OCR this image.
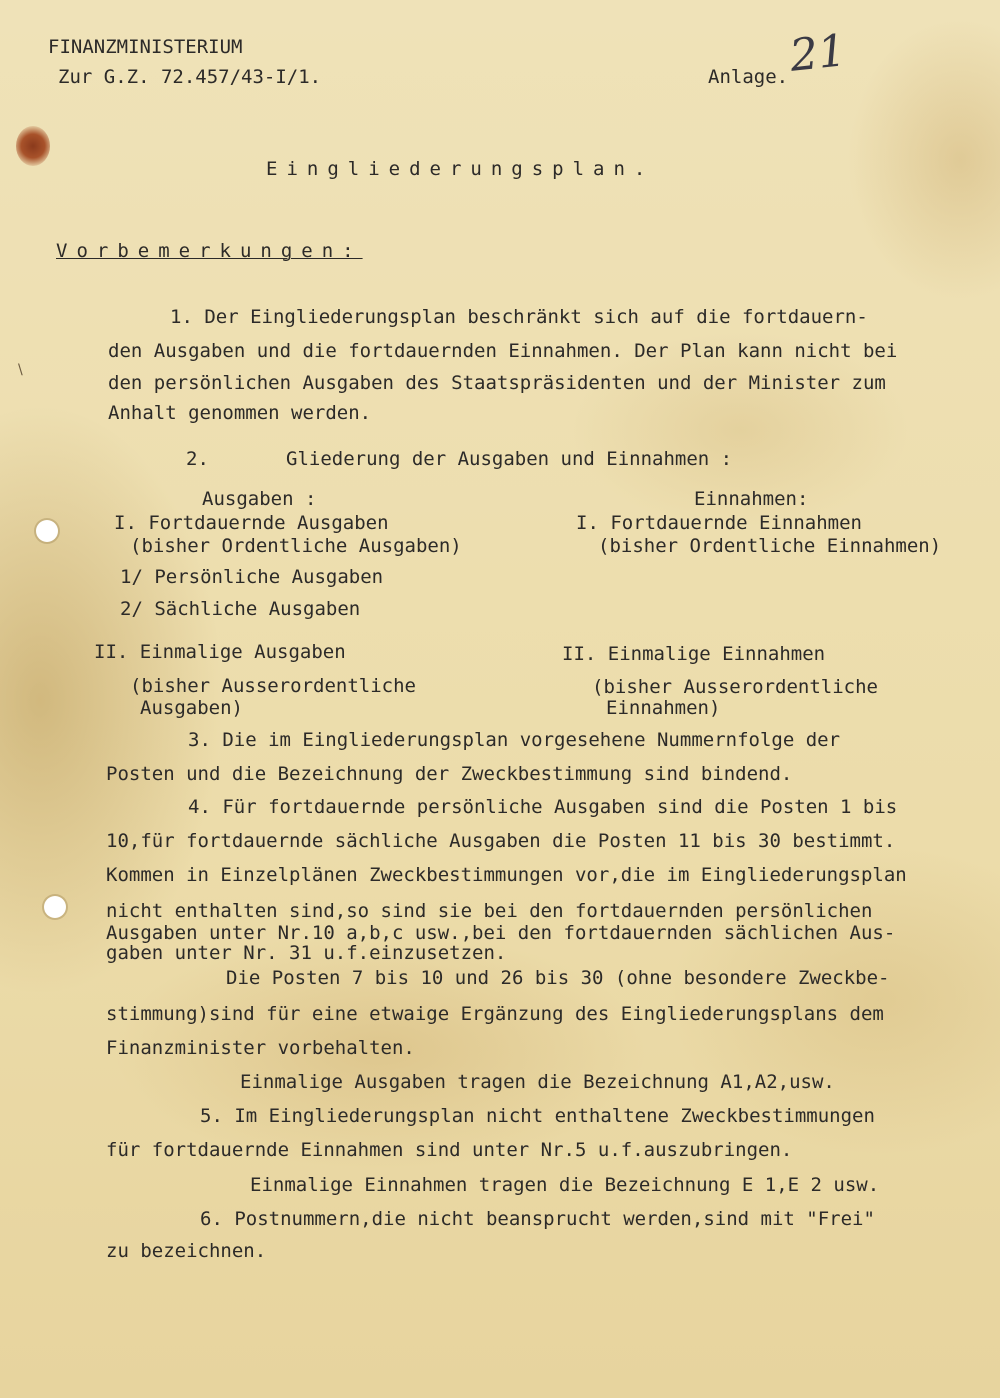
\

FINANZMINISTERIUM

Zur G.Z. 72.457/43-I/1.	Anlage. 21

Eingliederungsplan.

Vorbemerkungen:

1. Der Eingliederungsplan beschränkt sich auf die fortdauern-

den Ausgaben und die fortdauernden Einnahmen. Der Plan kann nicht bei

den persönlichen Ausgaben des Staatspräsidenten und der Minister zum

Anhalt genommen werden.

2.	Gliederung der Ausgaben und Einnahmen :

Ausgaben :

I. Fortdauernde Ausgaben

(bisher Ordentliche Ausgaben)

1/ Persönliche Ausgaben

2/ Sächliche Ausgaben

II. Einmalige Ausgaben

(bisher Ausserordentliche

Ausgaben)

Einnahmen:

I. Fortdauernde Einnahmen

(bisher Ordentliche Einnahmen)

II. Einmalige Einnahmen

(bisher Ausserordentliche

Einnahmen)

3. Die im Eingliederungsplan vorgesehene Nummernfolge der

Posten und die Bezeichnung der Zweckbestimmung sind bindend.

4. Für fortdauernde persönliche Ausgaben sind die Posten 1 bis

10,für fortdauernde sächliche Ausgaben die Posten 11 bis 30 bestimmt.

Kommen in Einzelplänen Zweckbestimmungen vor,die im Eingliederungsplan

nicht enthalten sind,so sind sie bei den fortdauernden persönlichen

Ausgaben unter Nr.10 a,b,c usw.,bei den fortdauernden sächlichen Aus-

gaben unter Nr. 31 u.f.einzusetzen.

Die Posten 7 bis 10 und 26 bis 30 (ohne besondere Zweckbe-

stimmung)sind für eine etwaige Ergänzung des Eingliederungsplans dem

Finanzminister vorbehalten.

Einmalige Ausgaben tragen die Bezeichnung A1,A2,usw.

5. Im Eingliederungsplan nicht enthaltene Zweckbestimmungen

für fortdauernde Einnahmen sind unter Nr.5 u.f.auszubringen.

Einmalige Einnahmen tragen die Bezeichnung E 1,E 2 usw.

6. Postnummern,die nicht beansprucht werden,sind mit "Frei"

zu bezeichnen.
